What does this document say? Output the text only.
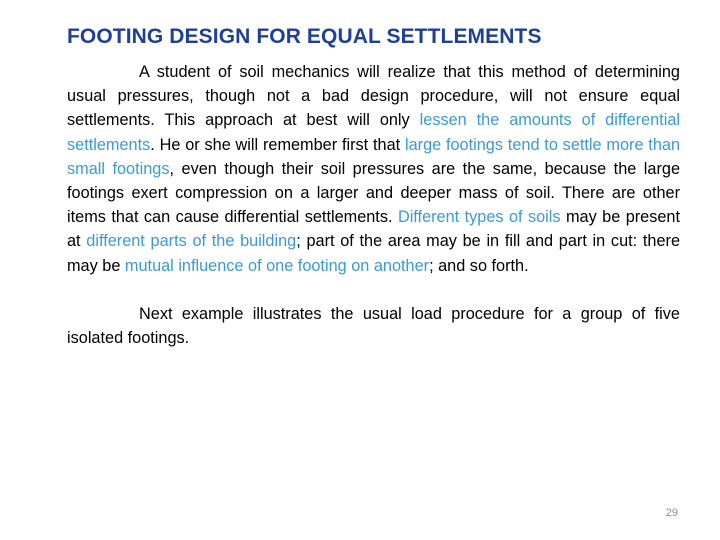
FOOTING DESIGN FOR EQUAL SETTLEMENTS

A student of soil mechanics will realize that this method of determining usual pressures, though not a bad design procedure, will not ensure equal settlements. This approach at best will only lessen the amounts of differential settlements. He or she will remember first that large footings tend to settle more than small footings, even though their soil pressures are the same, because the large footings exert compression on a larger and deeper mass of soil. There are other items that can cause differential settlements. Different types of soils may be present at different parts of the building; part of the area may be in fill and part in cut: there may be mutual influence of one footing on another; and so forth.

Next example illustrates the usual load procedure for a group of five isolated footings.

29
